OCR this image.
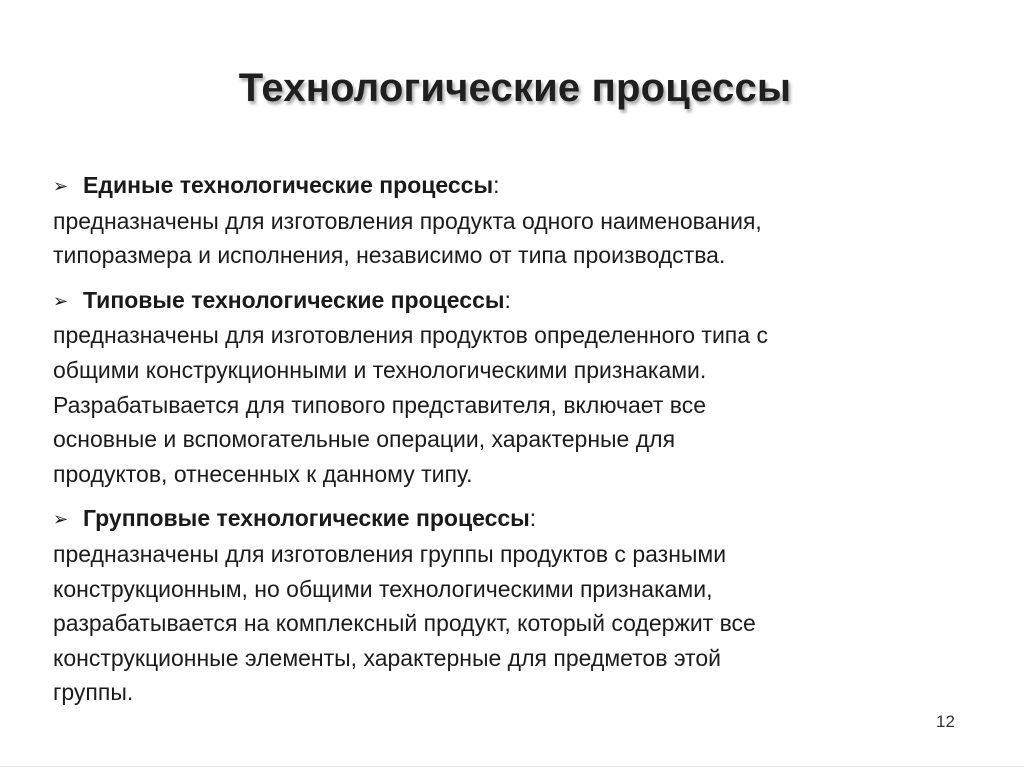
Технологические процессы
➢ Единые технологические процессы:
предназначены для изготовления продукта одного наименования,
типоразмера и исполнения, независимо от типа производства.
➢ Типовые технологические процессы:
предназначены для изготовления продуктов определенного типа с
общими конструкционными и технологическими признаками.
Разрабатывается для типового представителя, включает все
основные и вспомогательные операции, характерные для
продуктов, отнесенных к данному типу.
➢ Групповые технологические процессы:
предназначены для изготовления группы продуктов с разными
конструкционным, но общими технологическими признаками,
разрабатывается на комплексный продукт, который содержит все
конструкционные элементы, характерные для предметов этой
группы.
12
